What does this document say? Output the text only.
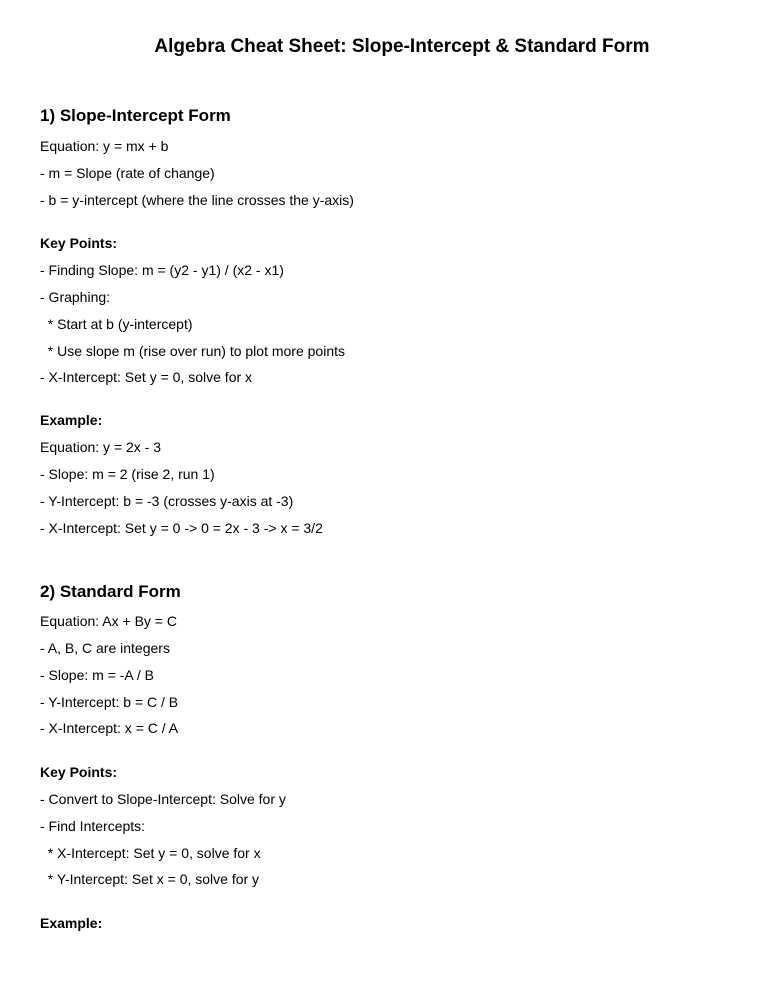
Algebra Cheat Sheet: Slope-Intercept & Standard Form
1) Slope-Intercept Form
Equation: y = mx + b
- m = Slope (rate of change)
- b = y-intercept (where the line crosses the y-axis)
Key Points:
- Finding Slope: m = (y2 - y1) / (x2 - x1)
- Graphing:
* Start at b (y-intercept)
* Use slope m (rise over run) to plot more points
- X-Intercept: Set y = 0, solve for x
Example:
Equation: y = 2x - 3
- Slope: m = 2 (rise 2, run 1)
- Y-Intercept: b = -3 (crosses y-axis at -3)
- X-Intercept: Set y = 0 -> 0 = 2x - 3 -> x = 3/2
2) Standard Form
Equation: Ax + By = C
- A, B, C are integers
- Slope: m = -A / B
- Y-Intercept: b = C / B
- X-Intercept: x = C / A
Key Points:
- Convert to Slope-Intercept: Solve for y
- Find Intercepts:
* X-Intercept: Set y = 0, solve for x
* Y-Intercept: Set x = 0, solve for y
Example:
